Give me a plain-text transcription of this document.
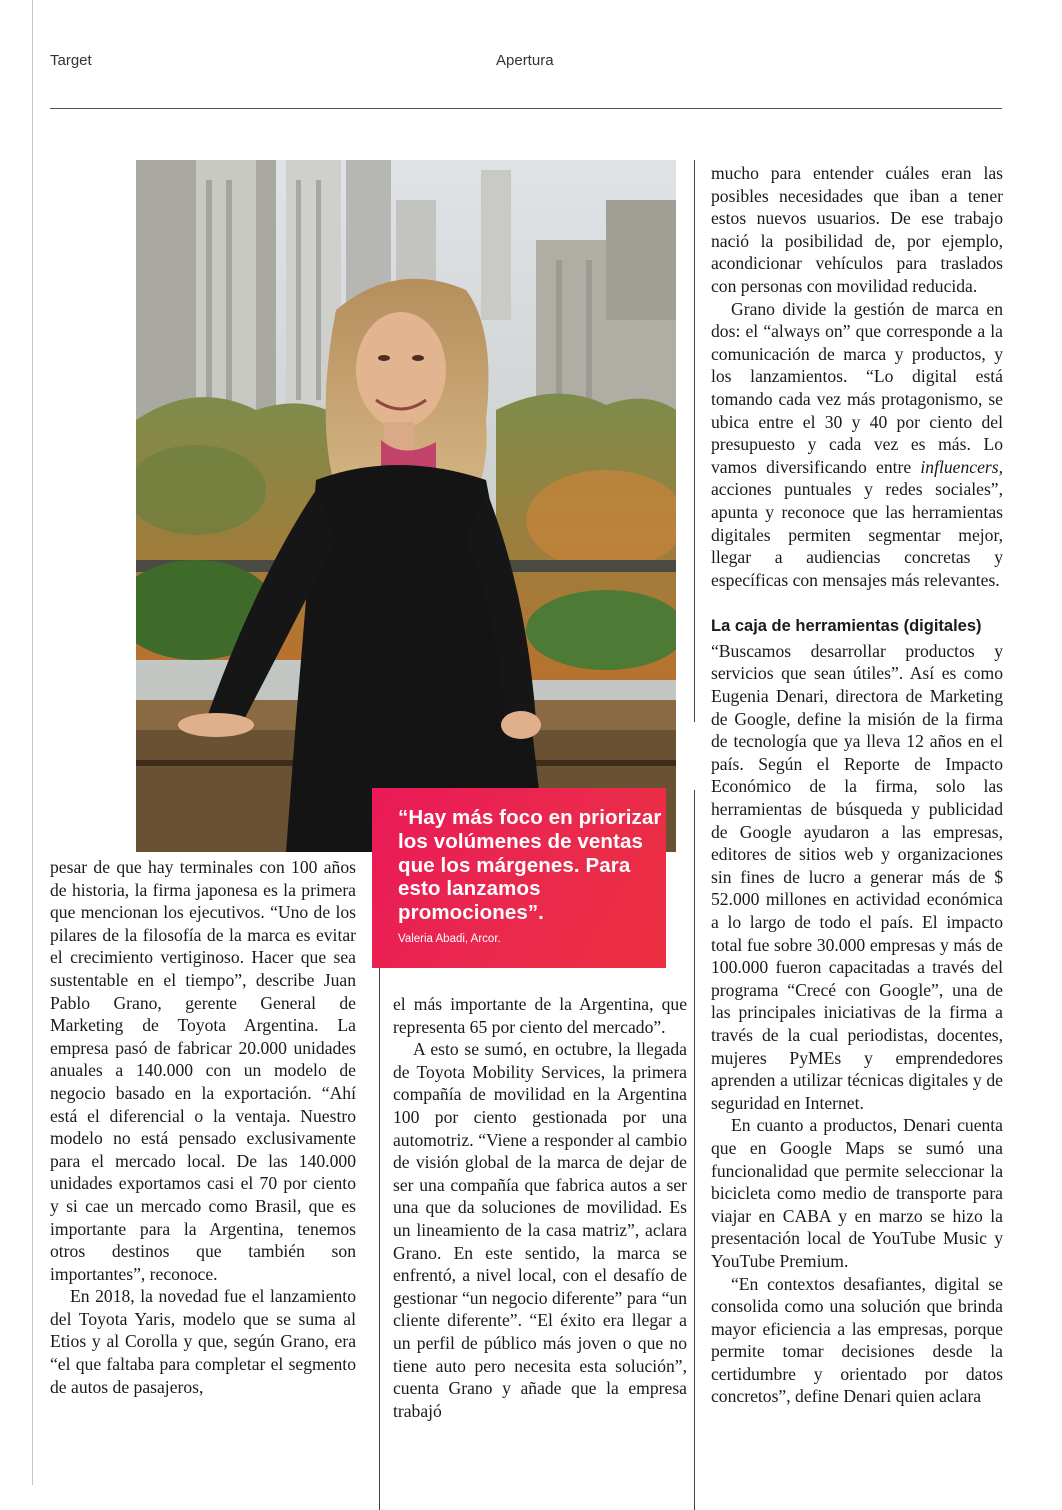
Target	Apertura

“Hay más foco en priorizar los volúmenes de ventas que los márgenes. Para esto lanzamos promociones”.

Valeria Abadi, Arcor.

pesar de que hay terminales con 100 años de historia, la firma japonesa es la primera que mencionan los ejecutivos. “Uno de los pilares de la filosofía de la marca es evitar el crecimiento vertiginoso. Hacer que sea sustentable en el tiempo”, describe Juan Pablo Grano, gerente General de Marketing de Toyota Argentina. La empresa pasó de fabricar 20.000 unidades anuales a 140.000 con un modelo de negocio basado en la exportación. “Ahí está el diferencial o la ventaja. Nuestro modelo no está pensado exclusivamente para el mercado local. De las 140.000 unidades exportamos casi el 70 por ciento y si cae un mercado como Brasil, que es importante para la Argentina, tenemos otros destinos que también son importantes”, reconoce.

En 2018, la novedad fue el lanzamiento del Toyota Yaris, modelo que se suma al Etios y al Corolla y que, según Grano, era “el que faltaba para completar el segmento de autos de pasajeros,

el más importante de la Argentina, que representa 65 por ciento del mercado”.

A esto se sumó, en octubre, la llegada de Toyota Mobility Services, la primera compañía de movilidad en la Argentina 100 por ciento gestionada por una automotriz. “Viene a responder al cambio de visión global de la marca de dejar de ser una compañía que fabrica autos a ser una que da soluciones de movilidad. Es un lineamiento de la casa matriz”, aclara Grano. En este sentido, la marca se enfrentó, a nivel local, con el desafío de gestionar “un negocio diferente” para “un cliente diferente”. “El éxito era llegar a un perfil de público más joven o que no tiene auto pero necesita esta solución”, cuenta Grano y añade que la empresa trabajó

mucho para entender cuáles eran las posibles necesidades que iban a tener estos nuevos usuarios. De ese trabajo nació la posibilidad de, por ejemplo, acondicionar vehículos para traslados con personas con movilidad reducida.

Grano divide la gestión de marca en dos: el “always on” que corresponde a la comunicación de marca y productos, y los lanzamientos. “Lo digital está tomando cada vez más protagonismo, se ubica entre el 30 y 40 por ciento del presupuesto y cada vez es más. Lo vamos diversificando entre influencers, acciones puntuales y redes sociales”, apunta y reconoce que las herramientas digitales permiten segmentar mejor, llegar a audiencias concretas y específicas con mensajes más relevantes.

La caja de herramientas (digitales)

“Buscamos desarrollar productos y servicios que sean útiles”. Así es como Eugenia Denari, directora de Marketing de Google, define la misión de la firma de tecnología que ya lleva 12 años en el país. Según el Reporte de Impacto Económico de la firma, solo las herramientas de búsqueda y publicidad de Google ayudaron a las empresas, editores de sitios web y organizaciones sin fines de lucro a generar más de $ 52.000 millones en actividad económica a lo largo de todo el país. El impacto total fue sobre 30.000 empresas y más de 100.000 fueron capacitadas a través del programa “Crecé con Google”, una de las principales iniciativas de la firma a través de la cual periodistas, docentes, mujeres PyMEs y emprendedores aprenden a utilizar técnicas digitales y de seguridad en Internet.

En cuanto a productos, Denari cuenta que en Google Maps se sumó una funcionalidad que permite seleccionar la bicicleta como medio de transporte para viajar en CABA y en marzo se hizo la presentación local de YouTube Music y YouTube Premium.

“En contextos desafiantes, digital se consolida como una solución que brinda mayor eficiencia a las empresas, porque permite tomar decisiones desde la certidumbre y orientado por datos concretos”, define Denari quien aclara
